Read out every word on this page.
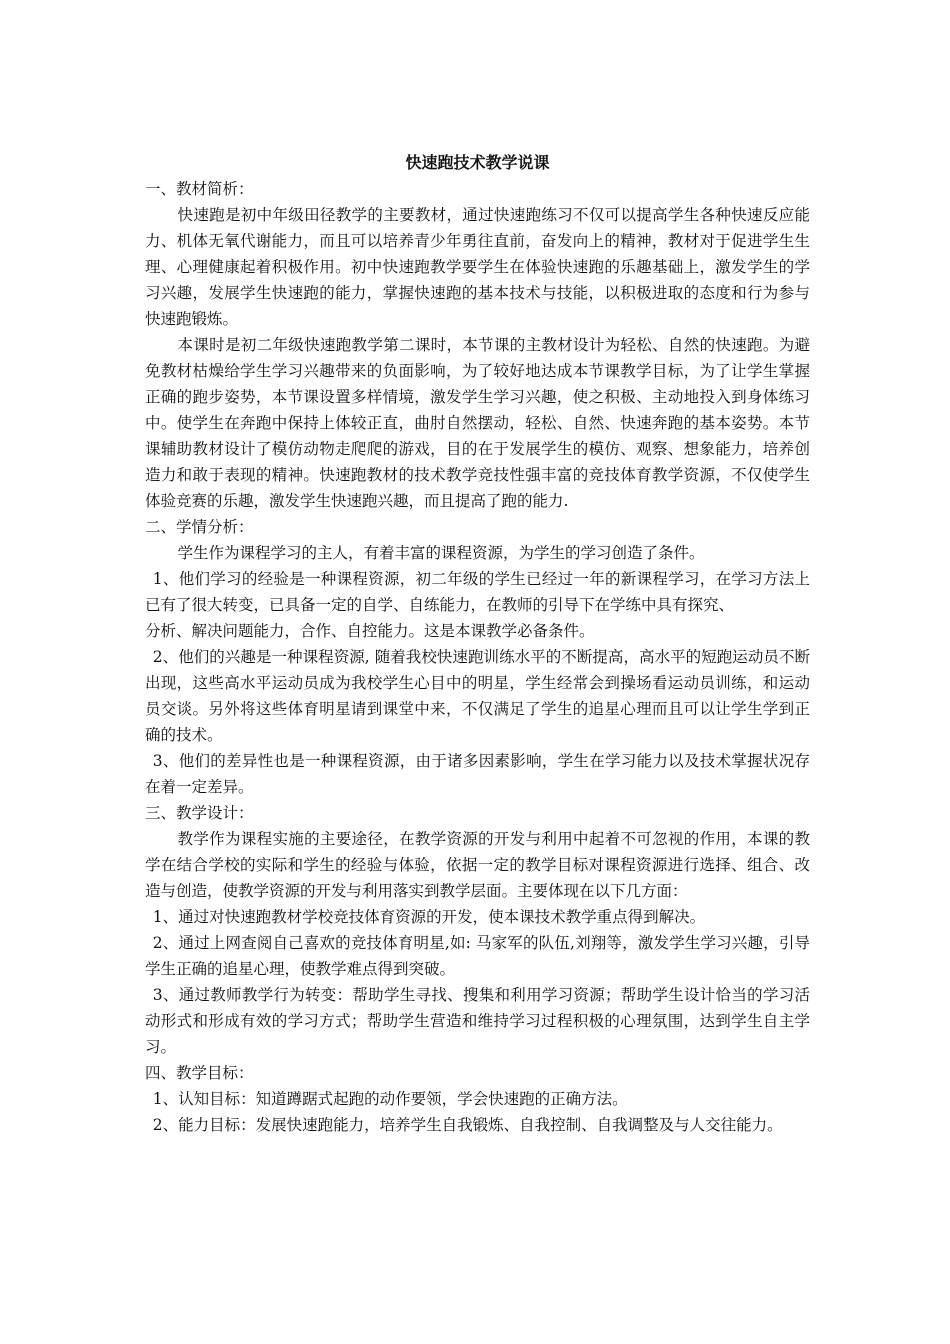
快速跑技术教学说课

一、教材简析：

快速跑是初中年级田径教学的主要教材，通过快速跑练习不仅可以提高学生各种快速反应能力、机体无氧代谢能力，而且可以培养青少年勇往直前，奋发向上的精神，教材对于促进学生生理、心理健康起着积极作用。初中快速跑教学要学生在体验快速跑的乐趣基础上，激发学生的学习兴趣，发展学生快速跑的能力，掌握快速跑的基本技术与技能，以积极进取的态度和行为参与快速跑锻炼。

本课时是初二年级快速跑教学第二课时，本节课的主教材设计为轻松、自然的快速跑。为避免教材枯燥给学生学习兴趣带来的负面影响，为了较好地达成本节课教学目标，为了让学生掌握正确的跑步姿势，本节课设置多样情境，激发学生学习兴趣，使之积极、主动地投入到身体练习中。使学生在奔跑中保持上体较正直，曲肘自然摆动，轻松、自然、快速奔跑的基本姿势。本节课辅助教材设计了模仿动物走爬爬的游戏，目的在于发展学生的模仿、观察、想象能力，培养创造力和敢于表现的精神。快速跑教材的技术教学竞技性强丰富的竞技体育教学资源，不仅使学生体验竞赛的乐趣，激发学生快速跑兴趣，而且提高了跑的能力.

二、学情分析：

学生作为课程学习的主人，有着丰富的课程资源，为学生的学习创造了条件。

1、他们学习的经验是一种课程资源，初二年级的学生已经过一年的新课程学习，在学习方法上已有了很大转变，已具备一定的自学、自练能力，在教师的引导下在学练中具有探究、

分析、解决问题能力，合作、自控能力。这是本课教学必备条件。

2、他们的兴趣是一种课程资源, 随着我校快速跑训练水平的不断提高，高水平的短跑运动员不断出现，这些高水平运动员成为我校学生心目中的明星，学生经常会到操场看运动员训练，和运动员交谈。另外将这些体育明星请到课堂中来，不仅满足了学生的追星心理而且可以让学生学到正确的技术。

3、他们的差异性也是一种课程资源，由于诸多因素影响，学生在学习能力以及技术掌握状况存在着一定差异。

三、教学设计：

教学作为课程实施的主要途径，在教学资源的开发与利用中起着不可忽视的作用，本课的教学在结合学校的实际和学生的经验与体验，依据一定的教学目标对课程资源进行选择、组合、改造与创造，使教学资源的开发与利用落实到教学层面。主要体现在以下几方面：

1、通过对快速跑教材学校竞技体育资源的开发，使本课技术教学重点得到解决。

2、通过上网查阅自己喜欢的竞技体育明星,如: 马家军的队伍,刘翔等，激发学生学习兴趣，引导学生正确的追星心理，使教学难点得到突破。

3、通过教师教学行为转变：帮助学生寻找、搜集和利用学习资源；帮助学生设计恰当的学习活动形式和形成有效的学习方式；帮助学生营造和维持学习过程积极的心理氛围，达到学生自主学习。

四、教学目标：

1、认知目标：知道蹲踞式起跑的动作要领，学会快速跑的正确方法。

2、能力目标：发展快速跑能力，培养学生自我锻炼、自我控制、自我调整及与人交往能力。
